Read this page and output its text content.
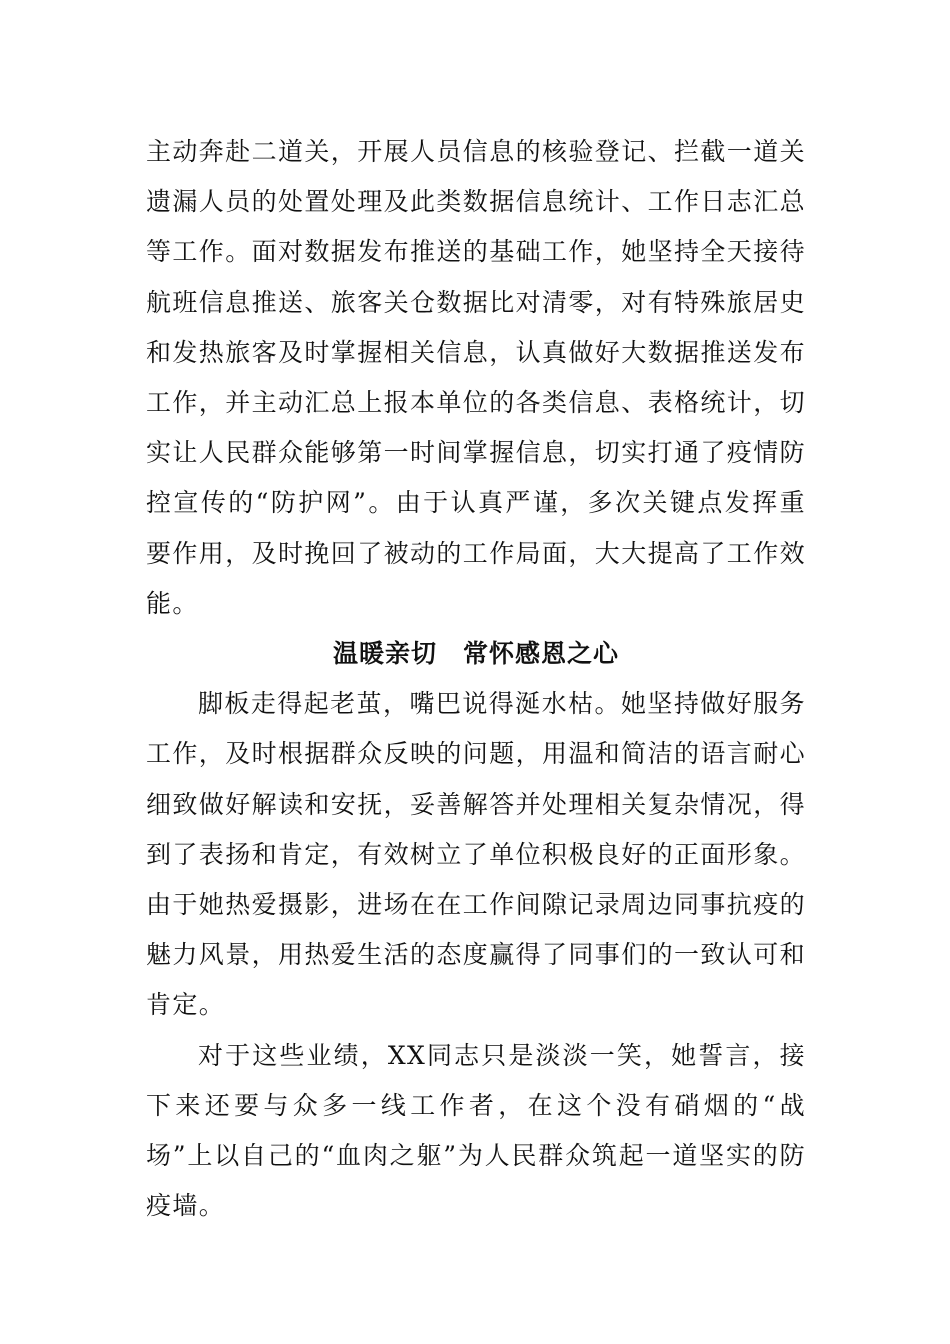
主动奔赴二道关，开展人员信息的核验登记、拦截一道关遗漏人员的处置处理及此类数据信息统计、工作日志汇总等工作。面对数据发布推送的基础工作，她坚持全天接待航班信息推送、旅客关仓数据比对清零，对有特殊旅居史和发热旅客及时掌握相关信息，认真做好大数据推送发布工作，并主动汇总上报本单位的各类信息、表格统计，切实让人民群众能够第一时间掌握信息，切实打通了疫情防控宣传的“防护网”。由于认真严谨，多次关键点发挥重要作用，及时挽回了被动的工作局面，大大提高了工作效能。

温暖亲切　常怀感恩之心

脚板走得起老茧，嘴巴说得涎水枯。她坚持做好服务工作，及时根据群众反映的问题，用温和简洁的语言耐心细致做好解读和安抚，妥善解答并处理相关复杂情况，得到了表扬和肯定，有效树立了单位积极良好的正面形象。由于她热爱摄影，进场在在工作间隙记录周边同事抗疫的魅力风景，用热爱生活的态度赢得了同事们的一致认可和肯定。

对于这些业绩，XX同志只是淡淡一笑，她誓言，接下来还要与众多一线工作者，在这个没有硝烟的“战场”上以自己的“血肉之躯”为人民群众筑起一道坚实的防疫墙。
